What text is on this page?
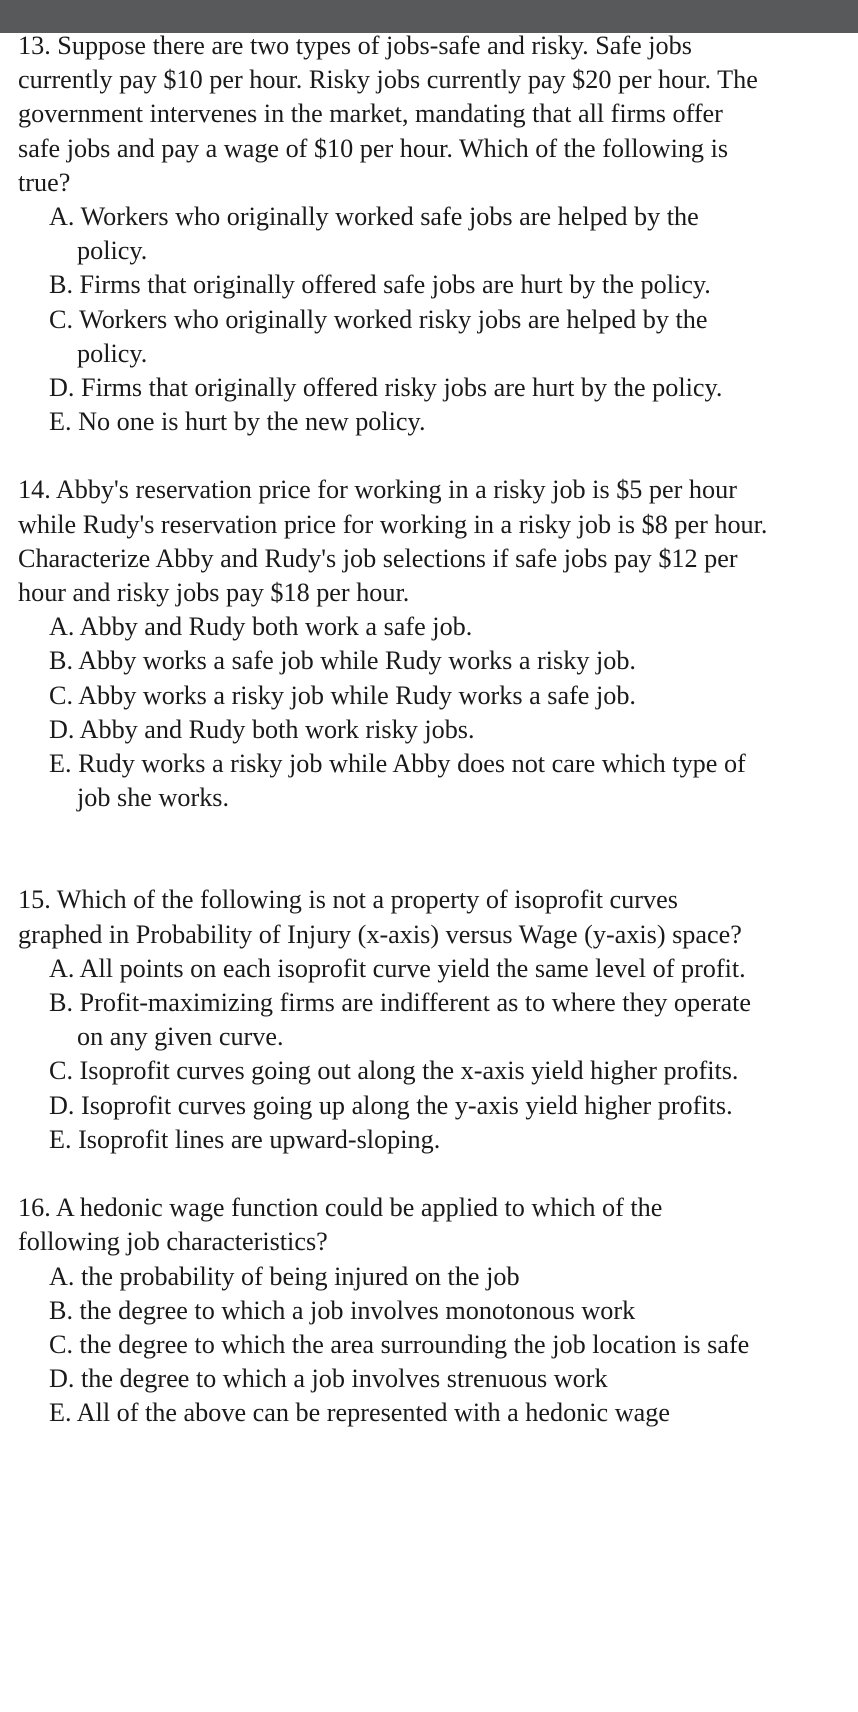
13. Suppose there are two types of jobs-safe and risky. Safe jobs currently pay $10 per hour. Risky jobs currently pay $20 per hour. The government intervenes in the market, mandating that all firms offer safe jobs and pay a wage of $10 per hour. Which of the following is true?

A. Workers who originally worked safe jobs are helped by the policy.
B. Firms that originally offered safe jobs are hurt by the policy.
C. Workers who originally worked risky jobs are helped by the policy.
D. Firms that originally offered risky jobs are hurt by the policy.
E. No one is hurt by the new policy.

14. Abby's reservation price for working in a risky job is $5 per hour while Rudy's reservation price for working in a risky job is $8 per hour. Characterize Abby and Rudy's job selections if safe jobs pay $12 per hour and risky jobs pay $18 per hour.

A. Abby and Rudy both work a safe job.
B. Abby works a safe job while Rudy works a risky job.
C. Abby works a risky job while Rudy works a safe job.
D. Abby and Rudy both work risky jobs.
E. Rudy works a risky job while Abby does not care which type of job she works.

15. Which of the following is not a property of isoprofit curves graphed in Probability of Injury (x-axis) versus Wage (y-axis) space?

A. All points on each isoprofit curve yield the same level of profit.
B. Profit-maximizing firms are indifferent as to where they operate on any given curve.
C. Isoprofit curves going out along the x-axis yield higher profits.
D. Isoprofit curves going up along the y-axis yield higher profits.
E. Isoprofit lines are upward-sloping.

16. A hedonic wage function could be applied to which of the following job characteristics?

A. the probability of being injured on the job
B. the degree to which a job involves monotonous work
C. the degree to which the area surrounding the job location is safe
D. the degree to which a job involves strenuous work
E. All of the above can be represented with a hedonic wage
